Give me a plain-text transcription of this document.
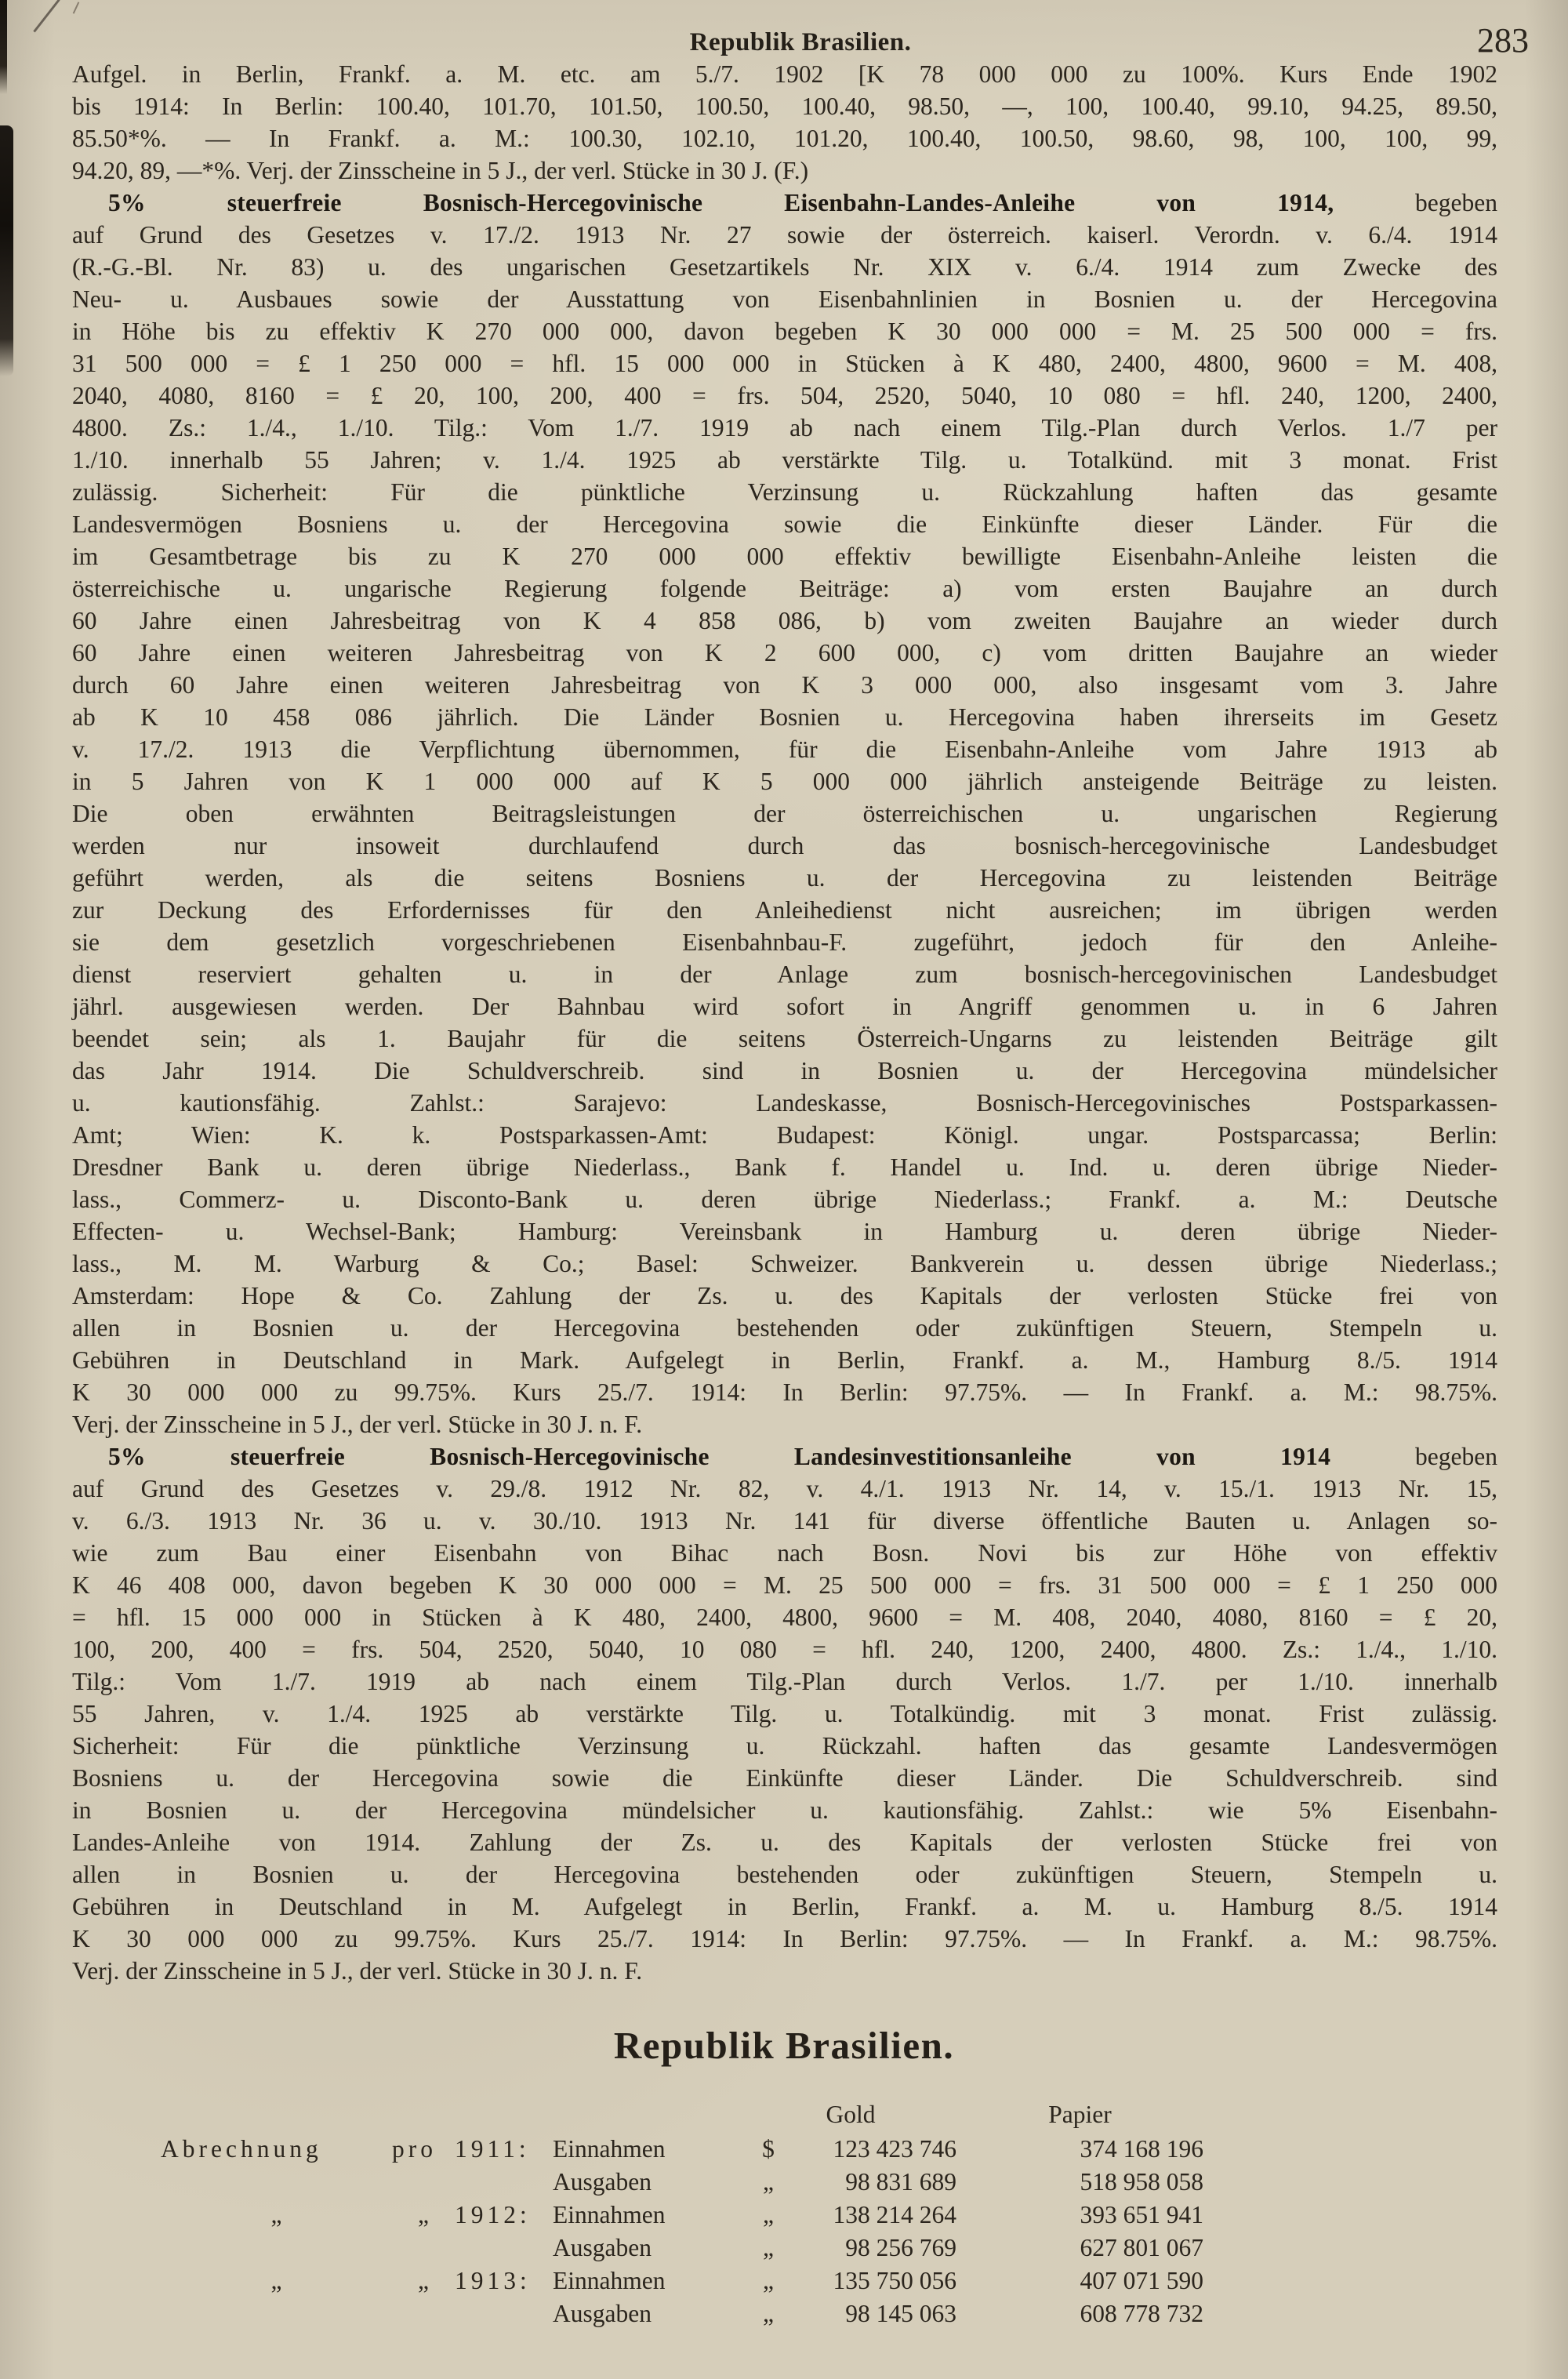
Republik Brasilien.	283
Aufgel. in Berlin, Frankf. a. M. etc. am 5./7. 1902 [K 78 000 000 zu 100%. Kurs Ende 1902
bis 1914: In Berlin: 100.40, 101.70, 101.50, 100.50, 100.40, 98.50, —, 100, 100.40, 99.10, 94.25, 89.50,
85.50*%. — In Frankf. a. M.: 100.30, 102.10, 101.20, 100.40, 100.50, 98.60, 98, 100, 100, 99,
94.20, 89, —*%. Verj. der Zinsscheine in 5 J., der verl. Stücke in 30 J. (F.)
5% steuerfreie Bosnisch-Hercegovinische Eisenbahn-Landes-Anleihe von 1914, begeben
auf Grund des Gesetzes v. 17./2. 1913 Nr. 27 sowie der österreich. kaiserl. Verordn. v. 6./4. 1914
(R.-G.-Bl. Nr. 83) u. des ungarischen Gesetzartikels Nr. XIX v. 6./4. 1914 zum Zwecke des
Neu- u. Ausbaues sowie der Ausstattung von Eisenbahnlinien in Bosnien u. der Hercegovina
in Höhe bis zu effektiv K 270 000 000, davon begeben K 30 000 000 = M. 25 500 000 = frs.
31 500 000 = £ 1 250 000 = hfl. 15 000 000 in Stücken à K 480, 2400, 4800, 9600 = M. 408,
2040, 4080, 8160 = £ 20, 100, 200, 400 = frs. 504, 2520, 5040, 10 080 = hfl. 240, 1200, 2400,
4800. Zs.: 1./4., 1./10. Tilg.: Vom 1./7. 1919 ab nach einem Tilg.-Plan durch Verlos. 1./7 per
1./10. innerhalb 55 Jahren; v. 1./4. 1925 ab verstärkte Tilg. u. Totalkünd. mit 3 monat. Frist
zulässig. Sicherheit: Für die pünktliche Verzinsung u. Rückzahlung haften das gesamte
Landesvermögen Bosniens u. der Hercegovina sowie die Einkünfte dieser Länder. Für die
im Gesamtbetrage bis zu K 270 000 000 effektiv bewilligte Eisenbahn-Anleihe leisten die
österreichische u. ungarische Regierung folgende Beiträge: a) vom ersten Baujahre an durch
60 Jahre einen Jahresbeitrag von K 4 858 086, b) vom zweiten Baujahre an wieder durch
60 Jahre einen weiteren Jahresbeitrag von K 2 600 000, c) vom dritten Baujahre an wieder
durch 60 Jahre einen weiteren Jahresbeitrag von K 3 000 000, also insgesamt vom 3. Jahre
ab K 10 458 086 jährlich. Die Länder Bosnien u. Hercegovina haben ihrerseits im Gesetz
v. 17./2. 1913 die Verpflichtung übernommen, für die Eisenbahn-Anleihe vom Jahre 1913 ab
in 5 Jahren von K 1 000 000 auf K 5 000 000 jährlich ansteigende Beiträge zu leisten.
Die oben erwähnten Beitragsleistungen der österreichischen u. ungarischen Regierung
werden nur insoweit durchlaufend durch das bosnisch-hercegovinische Landesbudget
geführt werden, als die seitens Bosniens u. der Hercegovina zu leistenden Beiträge
zur Deckung des Erfordernisses für den Anleihedienst nicht ausreichen; im übrigen werden
sie dem gesetzlich vorgeschriebenen Eisenbahnbau-F. zugeführt, jedoch für den Anleihe-
dienst reserviert gehalten u. in der Anlage zum bosnisch-hercegovinischen Landesbudget
jährl. ausgewiesen werden. Der Bahnbau wird sofort in Angriff genommen u. in 6 Jahren
beendet sein; als 1. Baujahr für die seitens Österreich-Ungarns zu leistenden Beiträge gilt
das Jahr 1914. Die Schuldverschreib. sind in Bosnien u. der Hercegovina mündelsicher
u. kautionsfähig. Zahlst.: Sarajevo: Landeskasse, Bosnisch-Hercegovinisches Postsparkassen-
Amt; Wien: K. k. Postsparkassen-Amt: Budapest: Königl. ungar. Postsparcassa; Berlin:
Dresdner Bank u. deren übrige Niederlass., Bank f. Handel u. Ind. u. deren übrige Nieder-
lass., Commerz- u. Disconto-Bank u. deren übrige Niederlass.; Frankf. a. M.: Deutsche
Effecten- u. Wechsel-Bank; Hamburg: Vereinsbank in Hamburg u. deren übrige Nieder-
lass., M. M. Warburg & Co.; Basel: Schweizer. Bankverein u. dessen übrige Niederlass.;
Amsterdam: Hope & Co. Zahlung der Zs. u. des Kapitals der verlosten Stücke frei von
allen in Bosnien u. der Hercegovina bestehenden oder zukünftigen Steuern, Stempeln u.
Gebühren in Deutschland in Mark. Aufgelegt in Berlin, Frankf. a. M., Hamburg 8./5. 1914
K 30 000 000 zu 99.75%. Kurs 25./7. 1914: In Berlin: 97.75%. — In Frankf. a. M.: 98.75%.
Verj. der Zinsscheine in 5 J., der verl. Stücke in 30 J. n. F.
5% steuerfreie Bosnisch-Hercegovinische Landesinvestitionsanleihe von 1914 begeben
auf Grund des Gesetzes v. 29./8. 1912 Nr. 82, v. 4./1. 1913 Nr. 14, v. 15./1. 1913 Nr. 15,
v. 6./3. 1913 Nr. 36 u. v. 30./10. 1913 Nr. 141 für diverse öffentliche Bauten u. Anlagen so-
wie zum Bau einer Eisenbahn von Bihac nach Bosn. Novi bis zur Höhe von effektiv
K 46 408 000, davon begeben K 30 000 000 = M. 25 500 000 = frs. 31 500 000 = £ 1 250 000
= hfl. 15 000 000 in Stücken à K 480, 2400, 4800, 9600 = M. 408, 2040, 4080, 8160 = £ 20,
100, 200, 400 = frs. 504, 2520, 5040, 10 080 = hfl. 240, 1200, 2400, 4800. Zs.: 1./4., 1./10.
Tilg.: Vom 1./7. 1919 ab nach einem Tilg.-Plan durch Verlos. 1./7. per 1./10. innerhalb
55 Jahren, v. 1./4. 1925 ab verstärkte Tilg. u. Totalkündig. mit 3 monat. Frist zulässig.
Sicherheit: Für die pünktliche Verzinsung u. Rückzahl. haften das gesamte Landesvermögen
Bosniens u. der Hercegovina sowie die Einkünfte dieser Länder. Die Schuldverschreib. sind
in Bosnien u. der Hercegovina mündelsicher u. kautionsfähig. Zahlst.: wie 5% Eisenbahn-
Landes-Anleihe von 1914. Zahlung der Zs. u. des Kapitals der verlosten Stücke frei von
allen in Bosnien u. der Hercegovina bestehenden oder zukünftigen Steuern, Stempeln u.
Gebühren in Deutschland in M. Aufgelegt in Berlin, Frankf. a. M. u. Hamburg 8./5. 1914
K 30 000 000 zu 99.75%. Kurs 25./7. 1914: In Berlin: 97.75%. — In Frankf. a. M.: 98.75%.
Verj. der Zinsscheine in 5 J., der verl. Stücke in 30 J. n. F.
Republik Brasilien.
Gold	Papier
Abrechnung	pro 1911: Einnahmen	$	123 423 746	374 168 196
Ausgaben	„	98 831 689	518 958 058
„	„	1912: Einnahmen	„	138 214 264	393 651 941
Ausgaben	„	98 256 769	627 801 067
„	„	1913: Einnahmen	„	135 750 056	407 071 590
Ausgaben	„	98 145 063	608 778 732
